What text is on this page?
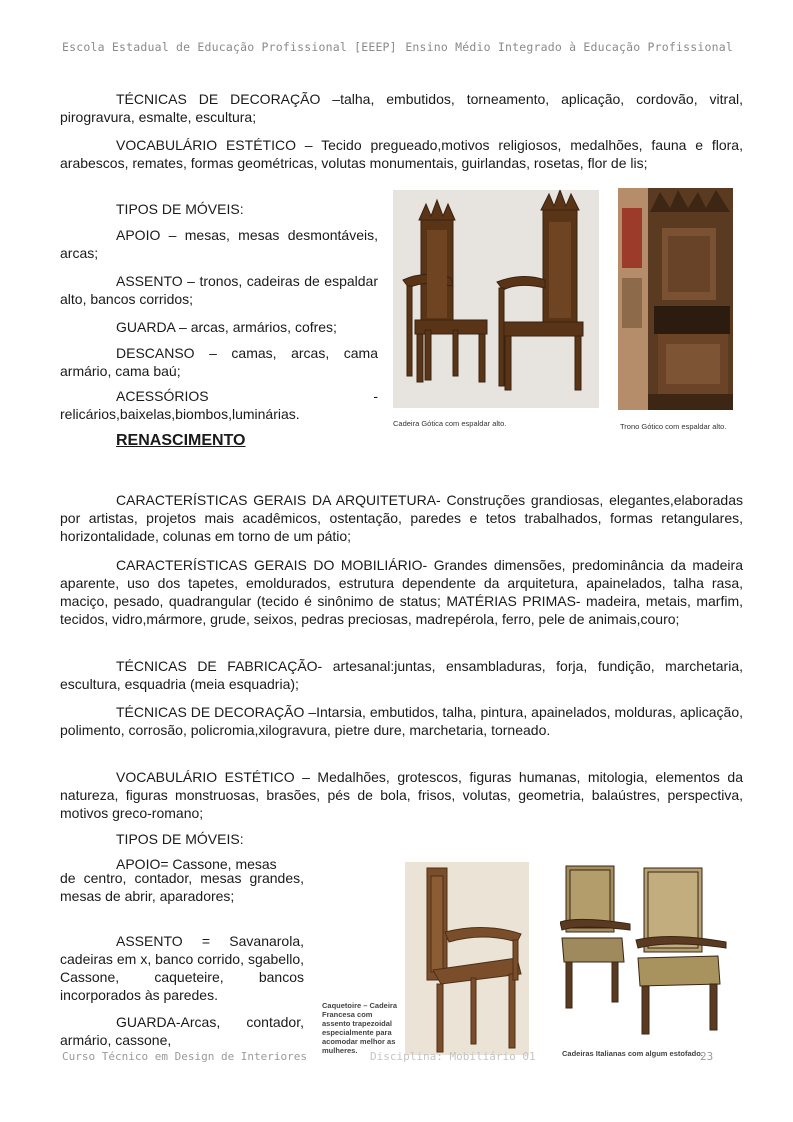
Escola Estadual de Educação Profissional [EEEP] Ensino Médio Integrado à Educação Profissional

TÉCNICAS DE DECORAÇÃO –talha, embutidos, torneamento, aplicação, cordovão, vitral, pirogravura, esmalte, escultura;

VOCABULÁRIO ESTÉTICO – Tecido pregueado,motivos religiosos, medalhões, fauna e flora, arabescos, remates, formas geométricas, volutas monumentais, guirlandas, rosetas, flor de lis;

TIPOS DE MÓVEIS:

APOIO – mesas, mesas desmontáveis, arcas;

ASSENTO – tronos, cadeiras de espaldar alto, bancos corridos;

GUARDA – arcas, armários, cofres;

DESCANSO – camas, arcas, cama armário, cama baú;

ACESSÓRIOS - relicários,baixelas,biombos,luminárias.

Cadeira Gótica com espaldar alto.	Trono Gótico com espaldar alto.
RENASCIMENTO

CARACTERÍSTICAS GERAIS DA ARQUITETURA- Construções grandiosas, elegantes,elaboradas por artistas, projetos mais acadêmicos, ostentação, paredes e tetos trabalhados, formas retangulares, horizontalidade, colunas em torno de um pátio;

CARACTERÍSTICAS GERAIS DO MOBILIÁRIO- Grandes dimensões, predominância da madeira aparente, uso dos tapetes, emoldurados, estrutura dependente da arquitetura, apainelados, talha rasa, maciço, pesado, quadrangular (tecido é sinônimo de status; MATÉRIAS PRIMAS- madeira, metais, marfim, tecidos, vidro,mármore, grude, seixos, pedras preciosas, madrepérola, ferro, pele de animais,couro;

TÉCNICAS DE FABRICAÇÃO- artesanal:juntas, ensambladuras, forja, fundição, marchetaria, escultura, esquadria (meia esquadria);

TÉCNICAS DE DECORAÇÃO –Intarsia, embutidos, talha, pintura, apainelados, molduras, aplicação, polimento, corrosão, policromia,xilogravura, pietre dure, marchetaria, torneado.

VOCABULÁRIO ESTÉTICO – Medalhões, grotescos, figuras humanas, mitologia, elementos da natureza, figuras monstruosas, brasões, pés de bola, frisos, volutas, geometria, balaústres, perspectiva, motivos greco-romano;

TIPOS DE MÓVEIS:

APOIO= Cassone, mesas

de centro, contador, mesas grandes, mesas de abrir, aparadores;

ASSENTO = Savanarola, cadeiras em x, banco corrido, sgabello, Cassone, caqueteire, bancos incorporados às paredes.

GUARDA-Arcas, contador, armário, cassone,

Caquetoire – Cadeira Francesa com assento trapezoidal especialmente para acomodar melhor as mulheres.	Cadeiras Italianas com algum estofado.
Curso Técnico em Design de Interiores	Disciplina: Mobiliário 01	23
